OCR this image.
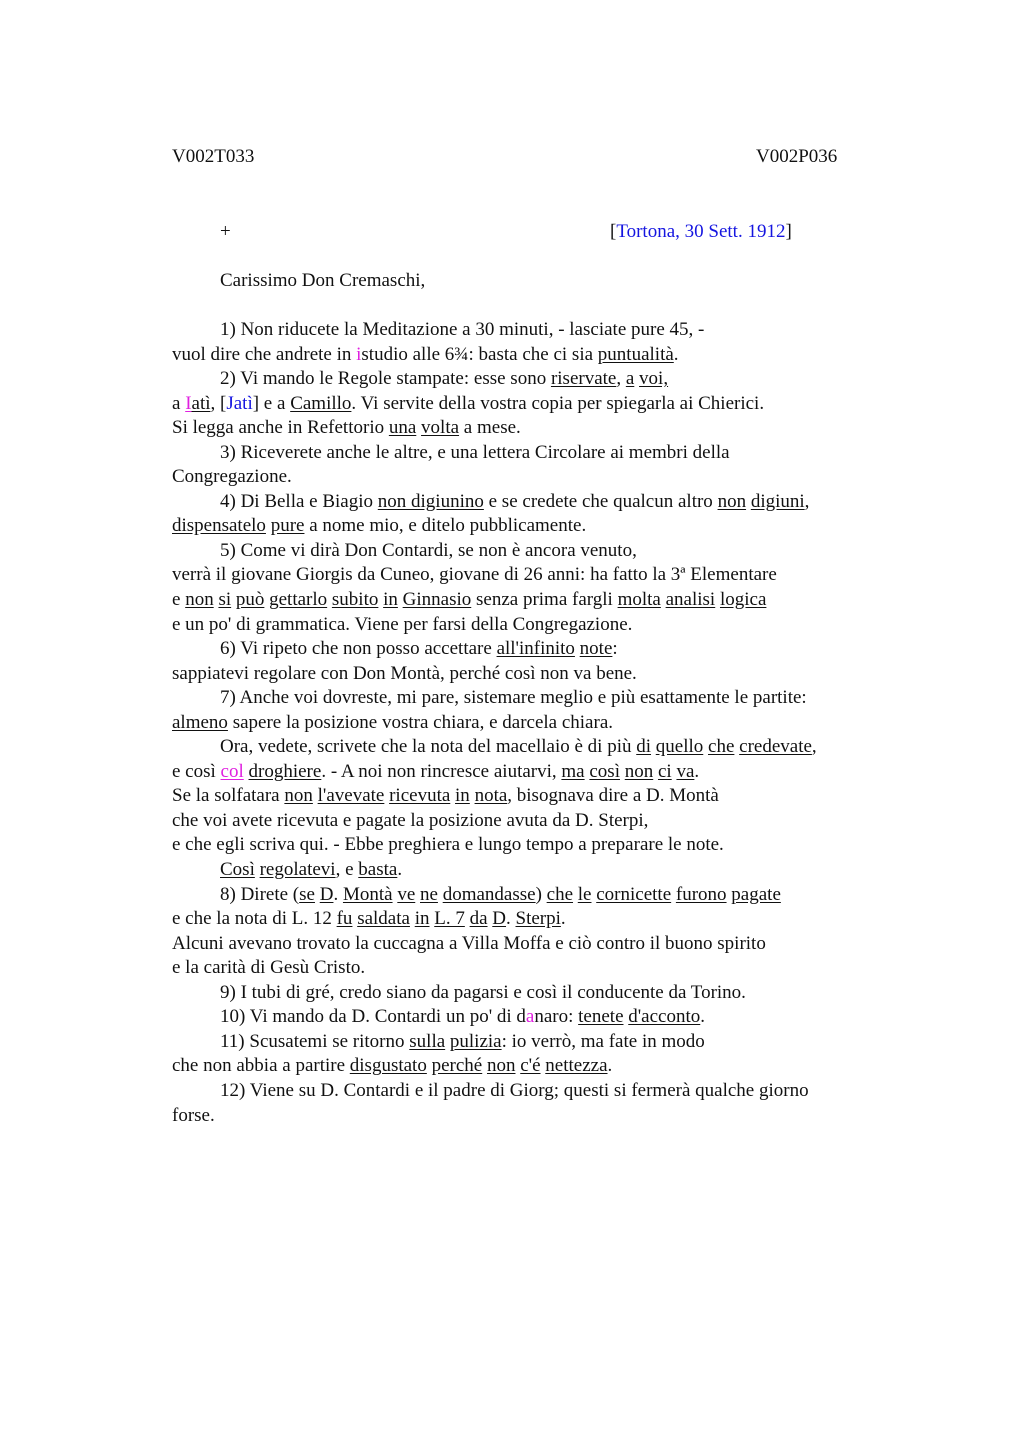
V002T033	V002P036
+	[Tortona, 30 Sett. 1912]
Carissimo Don Cremaschi,
1) Non riducete la Meditazione a 30 minuti, - lasciate pure 45, -
vuol dire che andrete in istudio alle 6¾: basta che ci sia puntualità.
2) Vi mando le Regole stampate: esse sono riservate, a voi,
a Iatì, [Jatì] e a Camillo. Vi servite della vostra copia per spiegarla ai Chierici.
Si legga anche in Refettorio una volta a mese.
3) Riceverete anche le altre, e una lettera Circolare ai membri della
Congregazione.
4) Di Bella e Biagio non digiunino e se credete che qualcun altro non digiuni,
dispensatelo pure a nome mio, e ditelo pubblicamente.
5) Come vi dirà Don Contardi, se non è ancora venuto,
verrà il giovane Giorgis da Cuneo, giovane di 26 anni: ha fatto la 3ª Elementare
e non si può gettarlo subito in Ginnasio senza prima fargli molta analisi logica
e un po' di grammatica. Viene per farsi della Congregazione.
6) Vi ripeto che non posso accettare all'infinito note:
sappiatevi regolare con Don Montà, perché così non va bene.
7) Anche voi dovreste, mi pare, sistemare meglio e più esattamente le partite:
almeno sapere la posizione vostra chiara, e darcela chiara.
Ora, vedete, scrivete che la nota del macellaio è di più di quello che credevate,
e così col droghiere. - A noi non rincresce aiutarvi, ma così non ci va.
Se la solfatara non l'avevate ricevuta in nota, bisognava dire a D. Montà
che voi avete ricevuta e pagate la posizione avuta da D. Sterpi,
e che egli scriva qui. - Ebbe preghiera e lungo tempo a preparare le note.
Così regolatevi, e basta.
8) Direte (se D. Montà ve ne domandasse) che le cornicette furono pagate
e che la nota di L. 12 fu saldata in L. 7 da D. Sterpi.
Alcuni avevano trovato la cuccagna a Villa Moffa e ciò contro il buono spirito
e la carità di Gesù Cristo.
9) I tubi di gré, credo siano da pagarsi e così il conducente da Torino.
10) Vi mando da D. Contardi un po' di danaro: tenete d'acconto.
11) Scusatemi se ritorno sulla pulizia: io verrò, ma fate in modo
che non abbia a partire disgustato perché non c'é nettezza.
12) Viene su D. Contardi e il padre di Giorg; questi si fermerà qualche giorno
forse.
